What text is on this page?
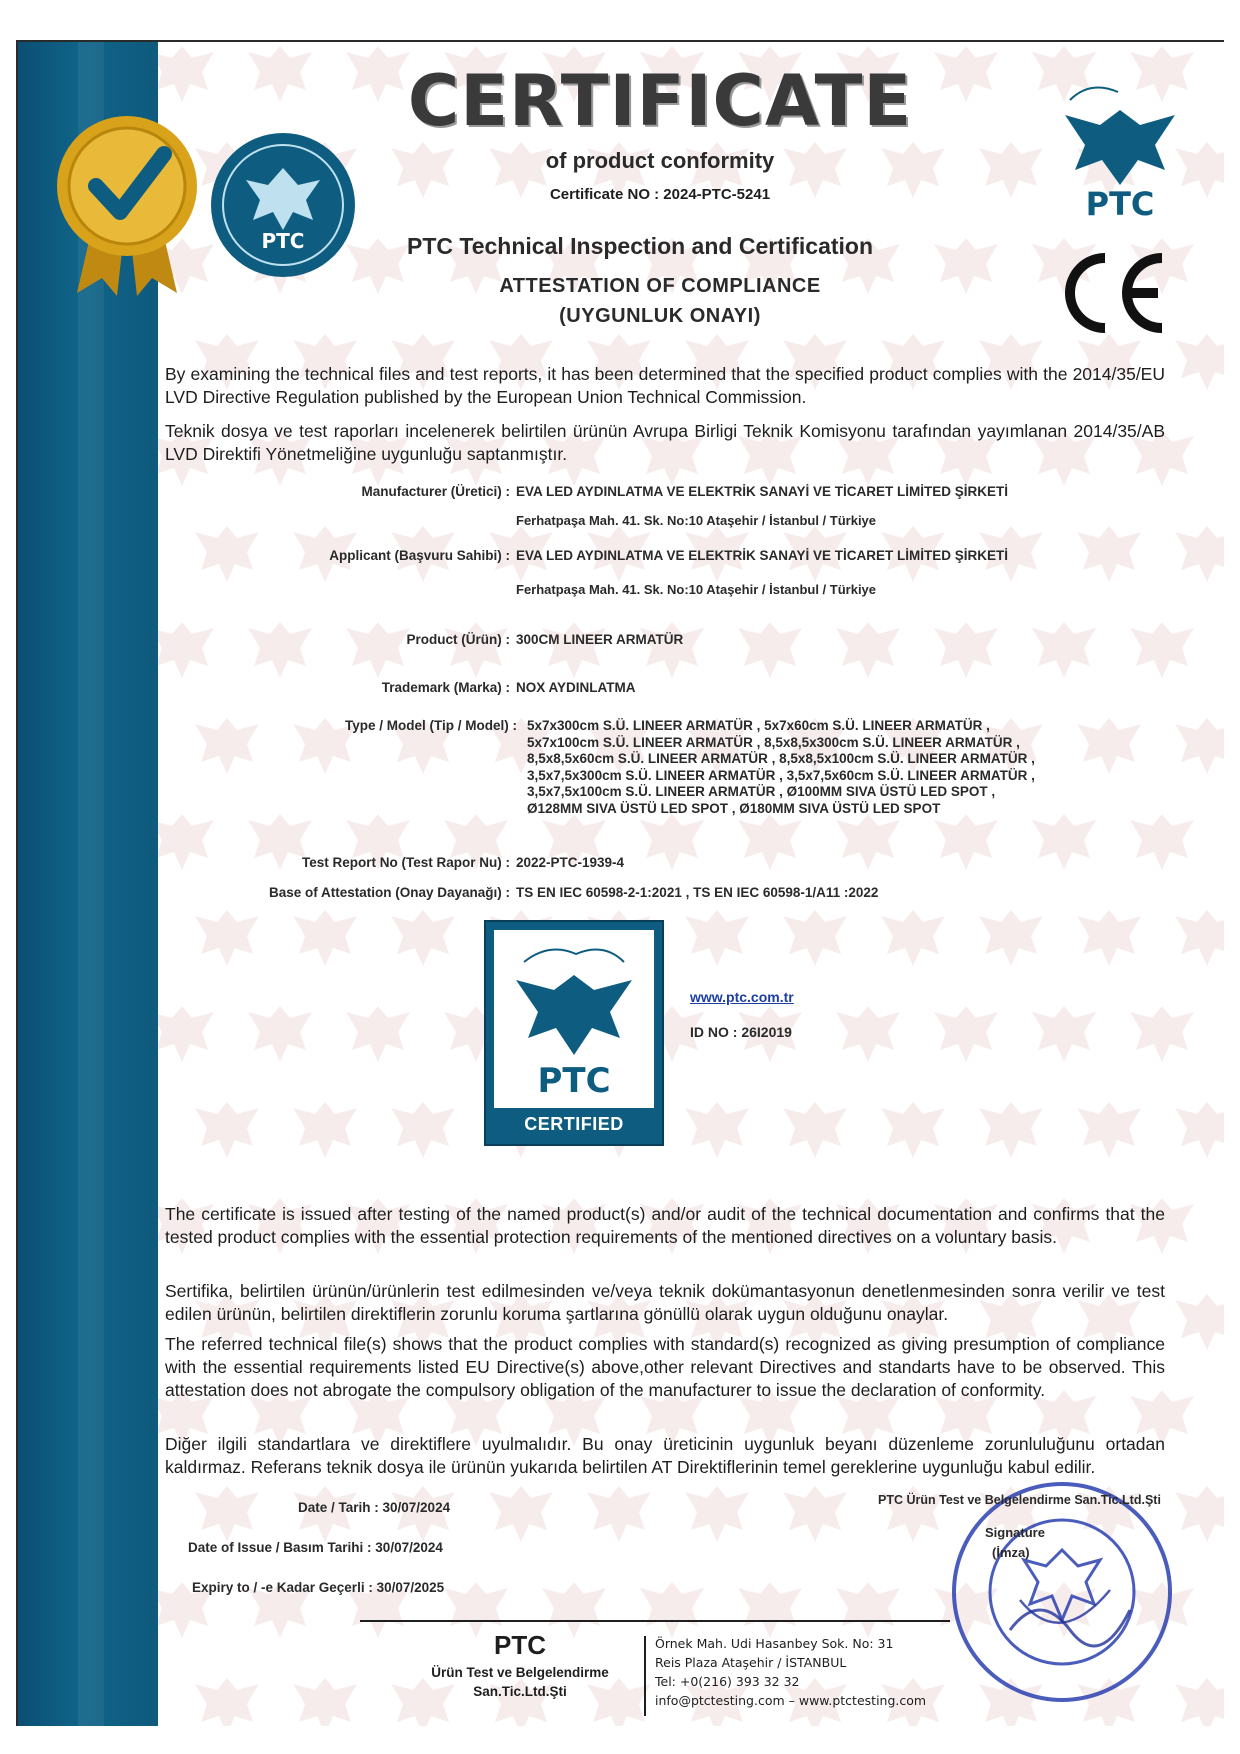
PTC
CERTIFICATE
of product conformity
Certificate NO : 2024-PTC-5241
PTC Technical Inspection and Certification
ATTESTATION OF COMPLIANCE
(UYGUNLUK ONAYI)
PTC
By examining the technical files and test reports, it has been determined that the specified product complies with the 2014/35/EU LVD Directive Regulation published by the European Union Technical Commission.
Teknik dosya ve test raporları incelenerek belirtilen ürünün Avrupa Birligi Teknik Komisyonu tarafından yayımlanan 2014/35/AB LVD Direktifi Yönetmeliğine uygunluğu saptanmıştır.
Manufacturer (Üretici) : EVA LED AYDINLATMA VE ELEKTRİK SANAYİ VE TİCARET LİMİTED ŞİRKETİ
Ferhatpaşa Mah. 41. Sk. No:10 Ataşehir / İstanbul / Türkiye
Applicant (Başvuru Sahibi) : EVA LED AYDINLATMA VE ELEKTRİK SANAYİ VE TİCARET LİMİTED ŞİRKETİ
Ferhatpaşa Mah. 41. Sk. No:10 Ataşehir / İstanbul / Türkiye
Product (Ürün) : 300CM LINEER ARMATÜR
Trademark (Marka) : NOX AYDINLATMA
Type / Model (Tip / Model) : 5x7x300cm S.Ü. LINEER ARMATÜR , 5x7x60cm S.Ü. LINEER ARMATÜR ,
5x7x100cm S.Ü. LINEER ARMATÜR , 8,5x8,5x300cm S.Ü. LINEER ARMATÜR ,
8,5x8,5x60cm S.Ü. LINEER ARMATÜR , 8,5x8,5x100cm S.Ü. LINEER ARMATÜR ,
3,5x7,5x300cm S.Ü. LINEER ARMATÜR , 3,5x7,5x60cm S.Ü. LINEER ARMATÜR ,
3,5x7,5x100cm S.Ü. LINEER ARMATÜR , Ø100MM SIVA ÜSTÜ LED SPOT ,
Ø128MM SIVA ÜSTÜ LED SPOT , Ø180MM SIVA ÜSTÜ LED SPOT
Test Report No (Test Rapor Nu) : 2022-PTC-1939-4
Base of Attestation (Onay Dayanağı) : TS EN IEC 60598-2-1:2021 , TS EN IEC 60598-1/A11 :2022
PTC
CERTIFIED
www.ptc.com.tr
ID NO : 26I2019
The certificate is issued after testing of the named product(s) and/or audit of the technical documentation and confirms that the tested product complies with the essential protection requirements of the mentioned directives on a voluntary basis.
Sertifika, belirtilen ürünün/ürünlerin test edilmesinden ve/veya teknik dokümantasyonun denetlenmesinden sonra verilir ve test edilen ürünün, belirtilen direktiflerin zorunlu koruma şartlarına gönüllü olarak uygun olduğunu onaylar.
The referred technical file(s) shows that the product complies with standard(s) recognized as giving presumption of compliance with the essential requirements listed EU Directive(s) above,other relevant Directives and standarts have to be observed. This attestation does not abrogate the compulsory obligation of the manufacturer to issue the declaration of conformity.
Diğer ilgili standartlara ve direktiflere uyulmalıdır. Bu onay üreticinin uygunluk beyanı düzenleme zorunluluğunu ortadan kaldırmaz. Referans teknik dosya ile ürünün yukarıda belirtilen AT Direktiflerinin temel gereklerine uygunluğu kabul edilir.
Date / Tarih : 30/07/2024
Date of Issue / Basım Tarihi : 30/07/2024
Expiry to / -e Kadar Geçerli : 30/07/2025
PTC Ürün Test ve Belgelendirme San.Tic.Ltd.Şti
Signature
(İmza)
PTC
Ürün Test ve Belgelendirme
San.Tic.Ltd.Şti
Örnek Mah. Udi Hasanbey Sok. No: 31
Reis Plaza Ataşehir / İSTANBUL
Tel: +0(216) 393 32 32
info@ptctesting.com – www.ptctesting.com
